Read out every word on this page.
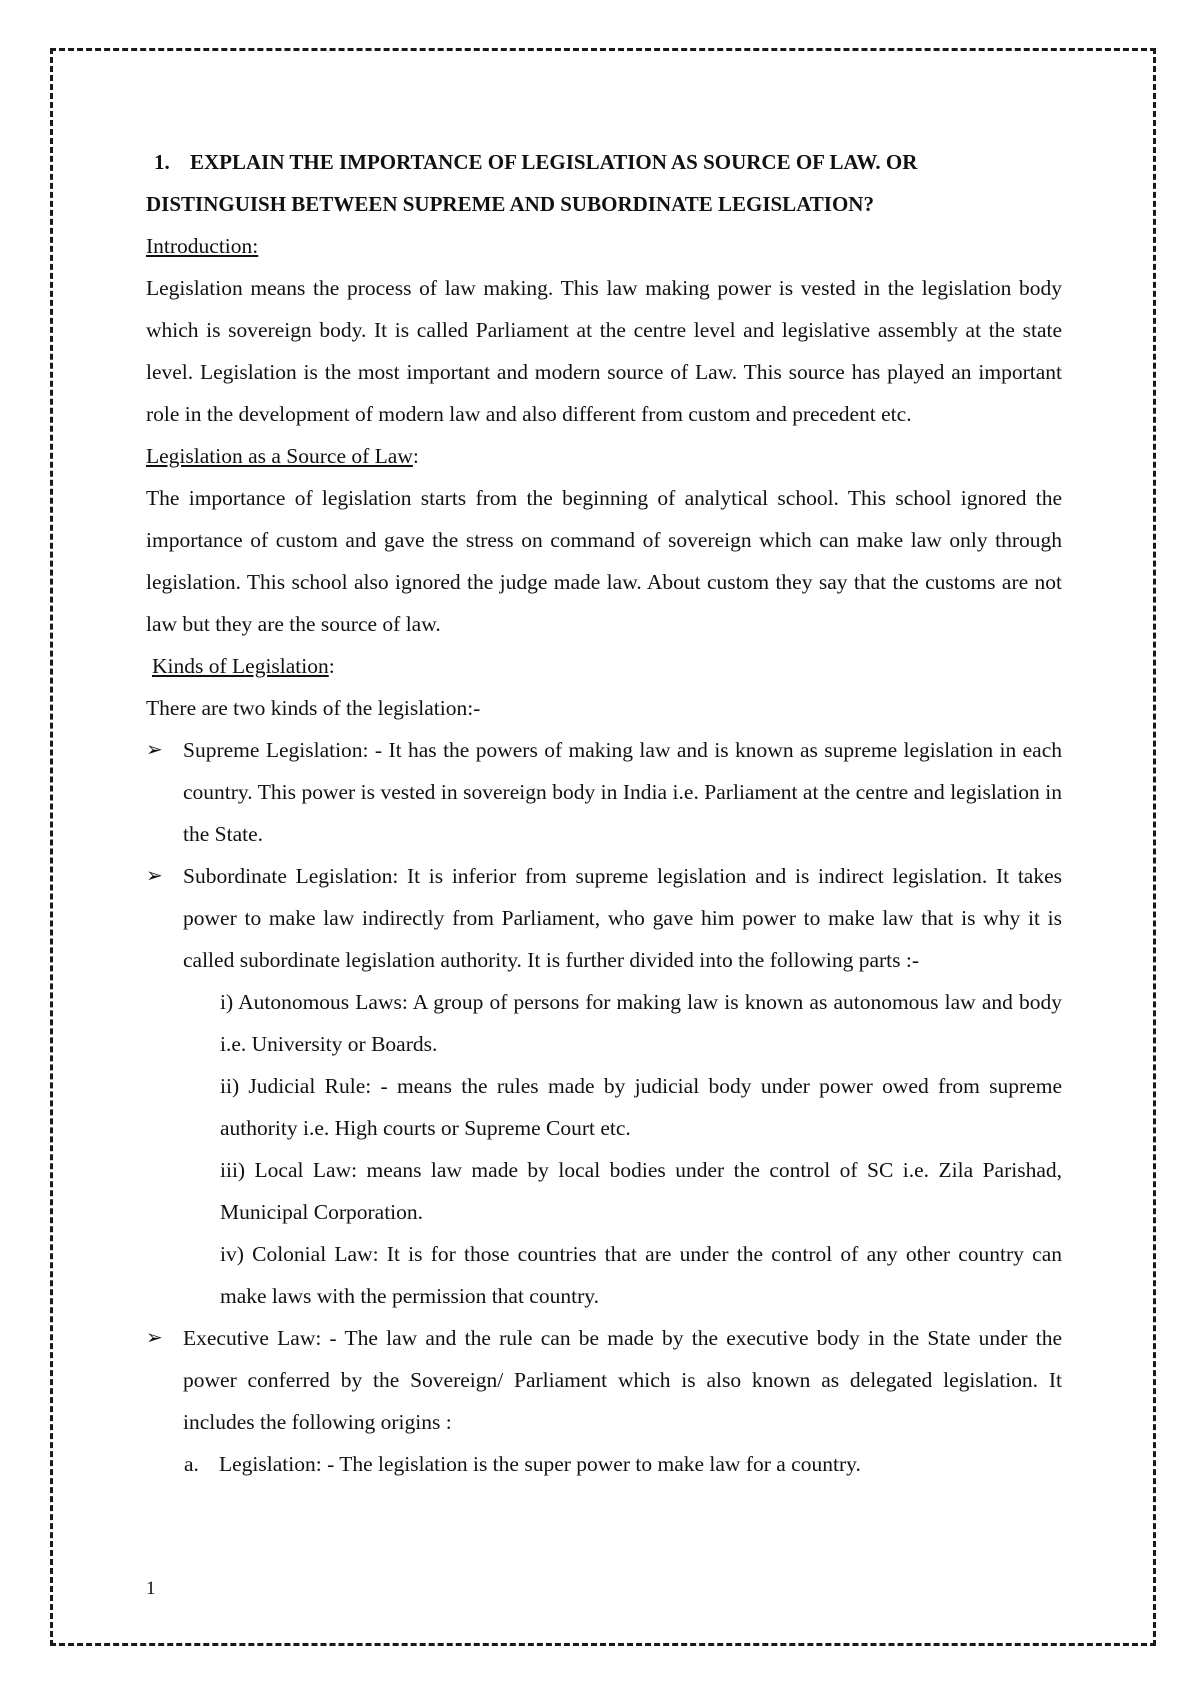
1. EXPLAIN THE IMPORTANCE OF LEGISLATION AS SOURCE OF LAW. OR
DISTINGUISH BETWEEN SUPREME AND SUBORDINATE LEGISLATION?

Introduction:

Legislation means the process of law making. This law making power is vested in the legislation body which is sovereign body. It is called Parliament at the centre level and legislative assembly at the state level. Legislation is the most important and modern source of Law. This source has played an important role in the development of modern law and also different from custom and precedent etc.

Legislation as a Source of Law:

The importance of legislation starts from the beginning of analytical school. This school ignored the importance of custom and gave the stress on command of sovereign which can make law only through legislation. This school also ignored the judge made law. About custom they say that the customs are not law but they are the source of law.

Kinds of Legislation:

There are two kinds of the legislation:-

➢ Supreme Legislation: - It has the powers of making law and is known as supreme legislation in each country. This power is vested in sovereign body in India i.e. Parliament at the centre and legislation in the State.

➢ Subordinate Legislation: It is inferior from supreme legislation and is indirect legislation. It takes power to make law indirectly from Parliament, who gave him power to make law that is why it is called subordinate legislation authority. It is further divided into the following parts :-

i) Autonomous Laws: A group of persons for making law is known as autonomous law and body i.e. University or Boards.

ii) Judicial Rule: - means the rules made by judicial body under power owed from supreme authority i.e. High courts or Supreme Court etc.

iii) Local Law: means law made by local bodies under the control of SC i.e. Zila Parishad, Municipal Corporation.

iv) Colonial Law: It is for those countries that are under the control of any other country can make laws with the permission that country.

➢ Executive Law: - The law and the rule can be made by the executive body in the State under the power conferred by the Sovereign/ Parliament which is also known as delegated legislation. It includes the following origins :

a. Legislation: - The legislation is the super power to make law for a country.

1
